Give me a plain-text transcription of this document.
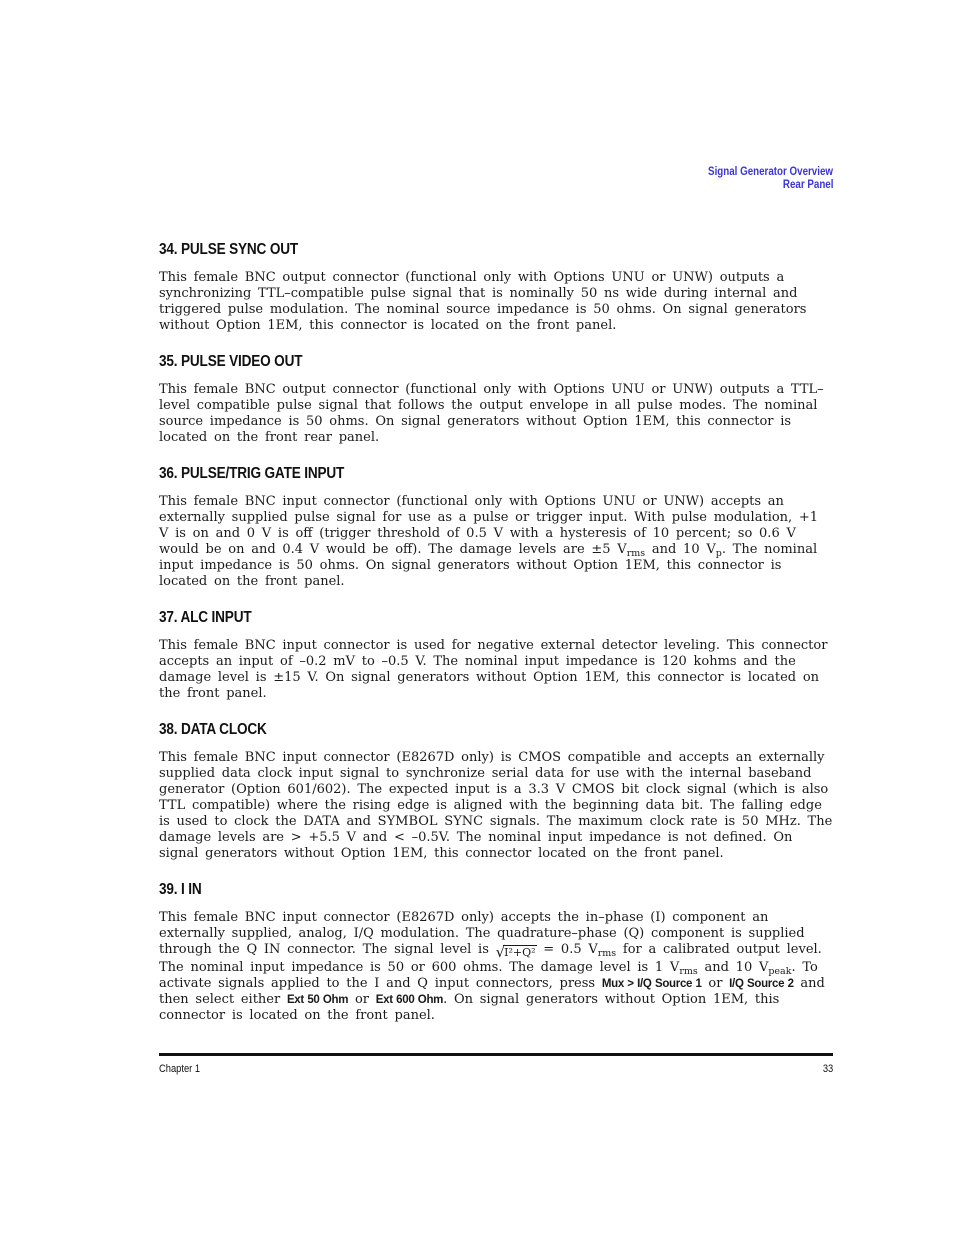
Signal Generator Overview
Rear Panel
34. PULSE SYNC OUT

This female BNC output connector (functional only with Options UNU or UNW) outputs a synchronizing TTL–compatible pulse signal that is nominally 50 ns wide during internal and triggered pulse modulation. The nominal source impedance is 50 ohms. On signal generators without Option 1EM, this connector is located on the front panel.

35. PULSE VIDEO OUT

This female BNC output connector (functional only with Options UNU or UNW) outputs a TTL–level compatible pulse signal that follows the output envelope in all pulse modes. The nominal source impedance is 50 ohms. On signal generators without Option 1EM, this connector is located on the front rear panel.

36. PULSE/TRIG GATE INPUT

This female BNC input connector (functional only with Options UNU or UNW) accepts an externally supplied pulse signal for use as a pulse or trigger input. With pulse modulation, +1 V is on and 0 V is off (trigger threshold of 0.5 V with a hysteresis of 10 percent; so 0.6 V would be on and 0.4 V would be off). The damage levels are ±5 $V_{rms}$ and 10 $V_p$. The nominal input impedance is 50 ohms. On signal generators without Option 1EM, this connector is located on the front panel.

37. ALC INPUT

This female BNC input connector is used for negative external detector leveling. This connector accepts an input of –0.2 mV to –0.5 V. The nominal input impedance is 120 kohms and the damage level is ±15 V. On signal generators without Option 1EM, this connector is located on the front panel.

38. DATA CLOCK

This female BNC input connector (E8267D only) is CMOS compatible and accepts an externally supplied data clock input signal to synchronize serial data for use with the internal baseband generator (Option 601/602). The expected input is a 3.3 V CMOS bit clock signal (which is also TTL compatible) where the rising edge is aligned with the beginning data bit. The falling edge is used to clock the DATA and SYMBOL SYNC signals. The maximum clock rate is 50 MHz. The damage levels are > +5.5 V and < –0.5V. The nominal input impedance is not defined. On signal generators without Option 1EM, this connector located on the front panel.

39. I IN

This female BNC input connector (E8267D only) accepts the in–phase (I) component an externally supplied, analog, I/Q modulation. The quadrature–phase (Q) component is supplied through the Q IN connector. The signal level is √I²+Q² = 0.5 $V_{rms}$ for a calibrated output level. The nominal input impedance is 50 or 600 ohms. The damage level is 1 $V_{rms}$ and 10 $V_{peak}$. To activate signals applied to the I and Q input connectors, press Mux > I/Q Source 1 or I/Q Source 2 and then select either Ext 50 Ohm or Ext 600 Ohm. On signal generators without Option 1EM, this connector is located on the front panel.

Chapter 1	33
